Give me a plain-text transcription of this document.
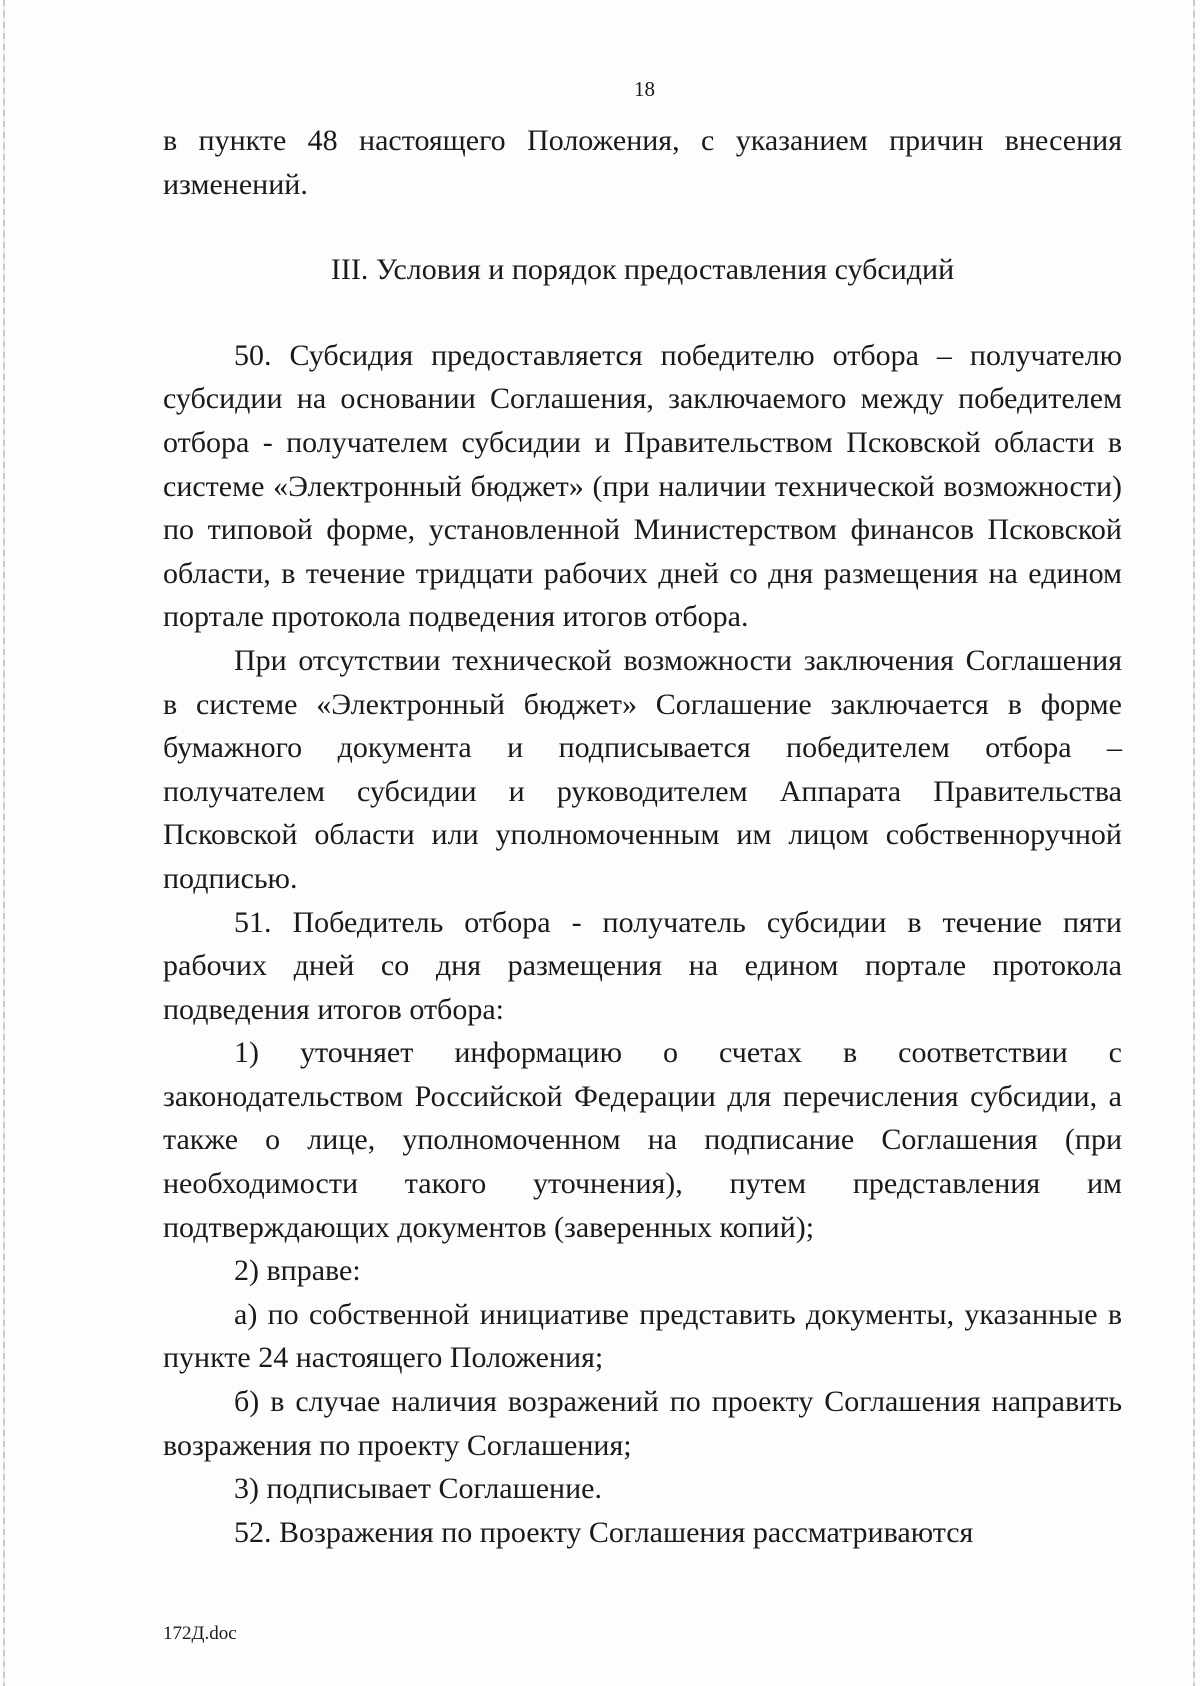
18

в пункте 48 настоящего Положения, с указанием причин внесения изменений.

III. Условия и порядок предоставления субсидий

50. Субсидия предоставляется победителю отбора – получателю субсидии на основании Соглашения, заключаемого между победителем отбора - получателем субсидии и Правительством Псковской области в системе «Электронный бюджет» (при наличии технической возможности) по типовой форме, установленной Министерством финансов Псковской области, в течение тридцати рабочих дней со дня размещения на едином портале протокола подведения итогов отбора.

При отсутствии технической возможности заключения Соглашения в системе «Электронный бюджет» Соглашение заключается в форме бумажного документа и подписывается победителем отбора – получателем субсидии и руководителем Аппарата Правительства Псковской области или уполномоченным им лицом собственноручной подписью.

51. Победитель отбора - получатель субсидии в течение пяти рабочих дней со дня размещения на едином портале протокола подведения итогов отбора:

1) уточняет информацию о счетах в соответствии с законодательством Российской Федерации для перечисления субсидии, а также о лице, уполномоченном на подписание Соглашения (при необходимости такого уточнения), путем представления им подтверждающих документов (заверенных копий);

2) вправе:

а) по собственной инициативе представить документы, указанные в пункте 24 настоящего Положения;

б) в случае наличия возражений по проекту Соглашения направить возражения по проекту Соглашения;

3) подписывает Соглашение.

52. Возражения по проекту Соглашения рассматриваются

172Д.doc
